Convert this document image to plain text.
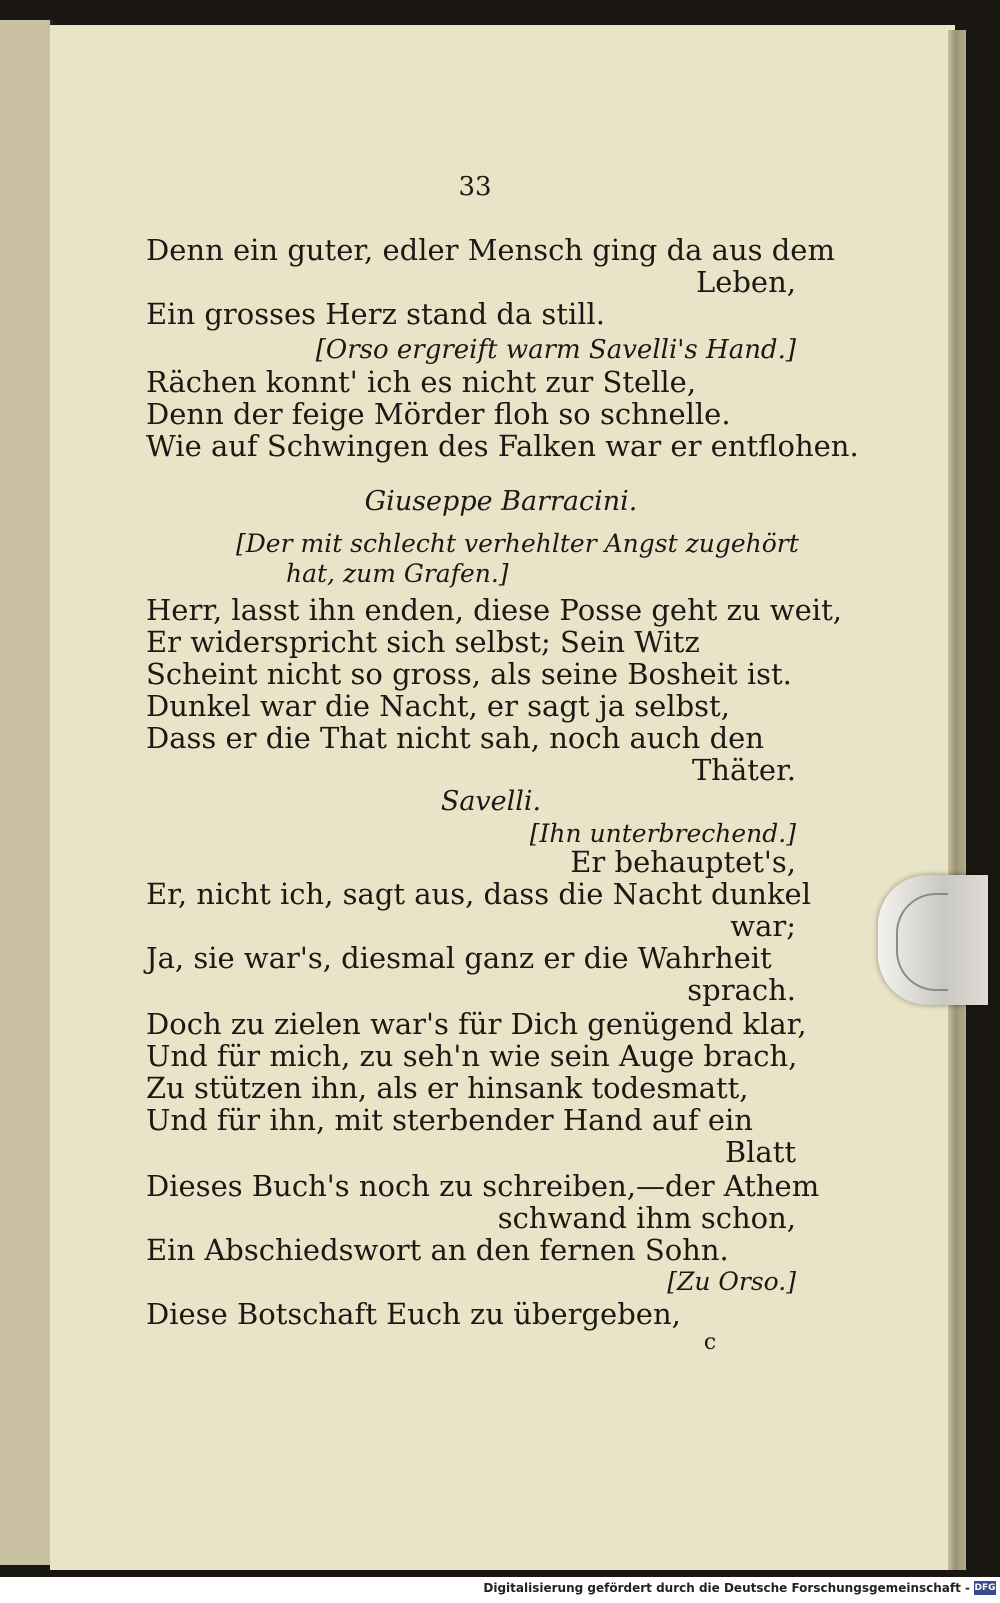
33
Denn ein guter, edler Mensch ging da aus dem
Leben,
Ein grosses Herz stand da still.
[Orso ergreift warm Savelli's Hand.]
Rächen konnt' ich es nicht zur Stelle,
Denn der feige Mörder floh so schnelle.
Wie auf Schwingen des Falken war er entflohen.
Giuseppe Barracini.
[Der mit schlecht verhehlter Angst zugehört
hat, zum Grafen.]
Herr, lasst ihn enden, diese Posse geht zu weit,
Er widerspricht sich selbst; Sein Witz
Scheint nicht so gross, als seine Bosheit ist.
Dunkel war die Nacht, er sagt ja selbst,
Dass er die That nicht sah, noch auch den
Thäter.
Savelli.
[Ihn unterbrechend.]
Er behauptet's,
Er, nicht ich, sagt aus, dass die Nacht dunkel
war;
Ja, sie war's, diesmal ganz er die Wahrheit
sprach.
Doch zu zielen war's für Dich genügend klar,
Und für mich, zu seh'n wie sein Auge brach,
Zu stützen ihn, als er hinsank todesmatt,
Und für ihn, mit sterbender Hand auf ein
Blatt
Dieses Buch's noch zu schreiben,—der Athem
schwand ihm schon,
Ein Abschiedswort an den fernen Sohn.
[Zu Orso.]
Diese Botschaft Euch zu übergeben,
c
Digitalisierung gefördert durch die Deutsche Forschungsgemeinschaft - DFG
